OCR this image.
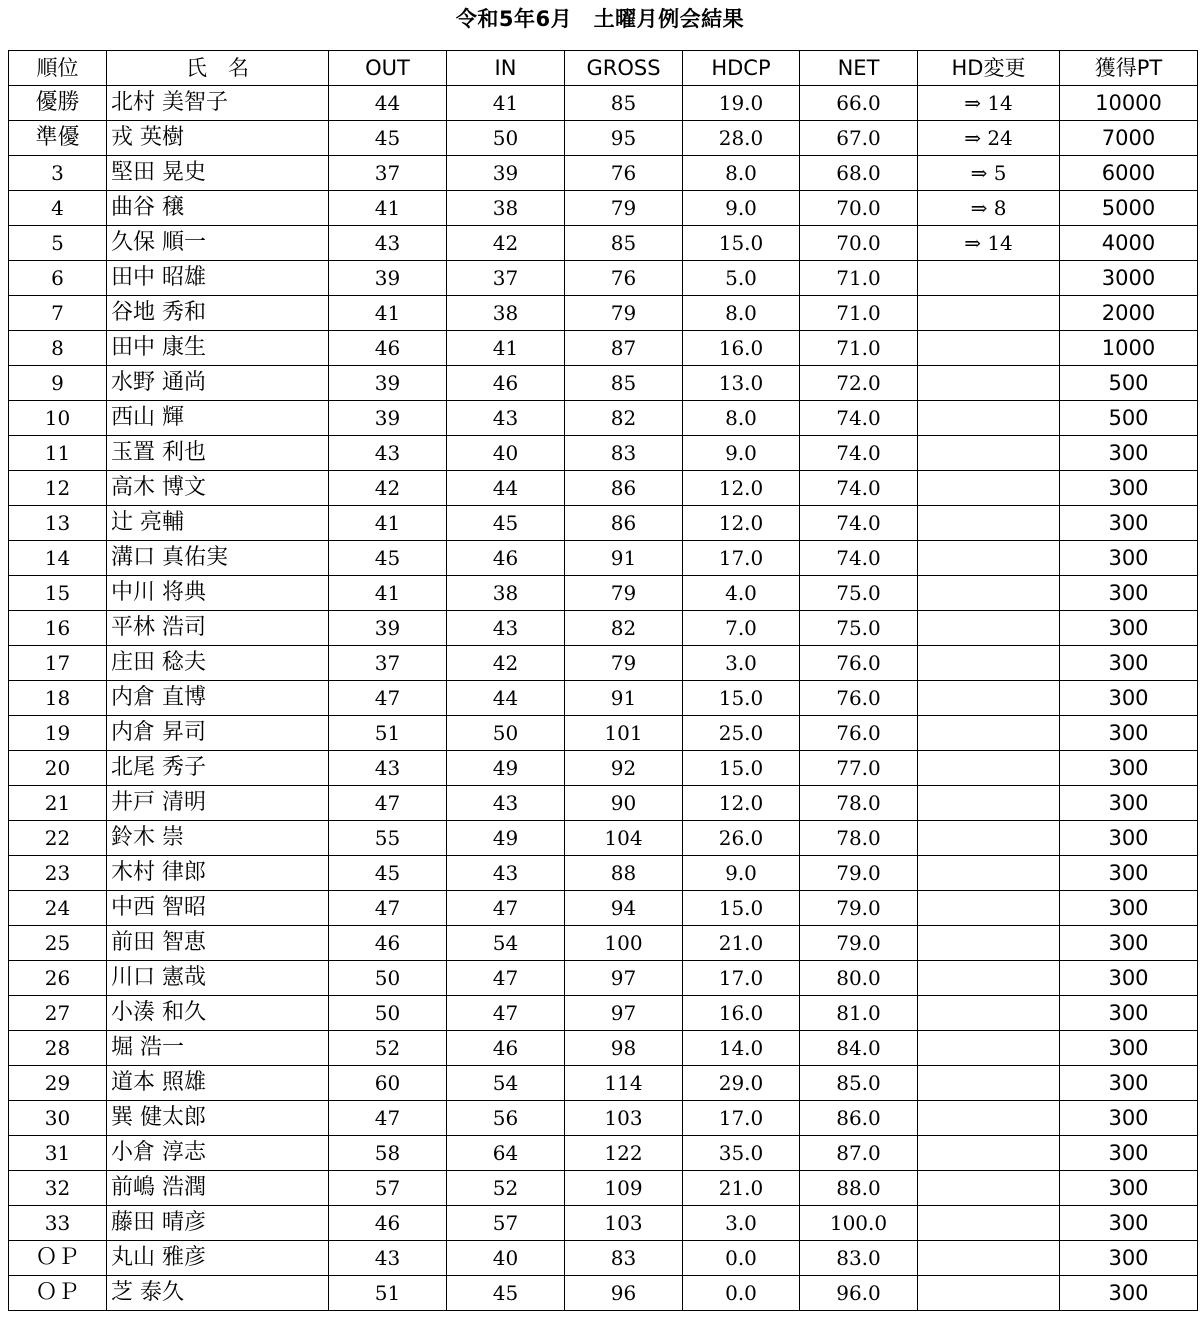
令和5年6月　土曜月例会結果
順位	氏　名	OUT	IN	GROSS	HDCP	NET	HD変更	獲得PT
優勝	北村 美智子	44	41	85	19.0	66.0	⇒ 14	10000
準優	戎 英樹	45	50	95	28.0	67.0	⇒ 24	7000
3	堅田 晃史	37	39	76	8.0	68.0	⇒ 5	6000
4	曲谷 穣	41	38	79	9.0	70.0	⇒ 8	5000
5	久保 順一	43	42	85	15.0	70.0	⇒ 14	4000
6	田中 昭雄	39	37	76	5.0	71.0		3000
7	谷地 秀和	41	38	79	8.0	71.0		2000
8	田中 康生	46	41	87	16.0	71.0		1000
9	水野 通尚	39	46	85	13.0	72.0		500
10	西山 輝	39	43	82	8.0	74.0		500
11	玉置 利也	43	40	83	9.0	74.0		300
12	高木 博文	42	44	86	12.0	74.0		300
13	辻 亮輔	41	45	86	12.0	74.0		300
14	溝口 真佑実	45	46	91	17.0	74.0		300
15	中川 将典	41	38	79	4.0	75.0		300
16	平林 浩司	39	43	82	7.0	75.0		300
17	庄田 稔夫	37	42	79	3.0	76.0		300
18	内倉 直博	47	44	91	15.0	76.0		300
19	内倉 昇司	51	50	101	25.0	76.0		300
20	北尾 秀子	43	49	92	15.0	77.0		300
21	井戸 清明	47	43	90	12.0	78.0		300
22	鈴木 崇	55	49	104	26.0	78.0		300
23	木村 律郎	45	43	88	9.0	79.0		300
24	中西 智昭	47	47	94	15.0	79.0		300
25	前田 智恵	46	54	100	21.0	79.0		300
26	川口 憲哉	50	47	97	17.0	80.0		300
27	小湊 和久	50	47	97	16.0	81.0		300
28	堀 浩一	52	46	98	14.0	84.0		300
29	道本 照雄	60	54	114	29.0	85.0		300
30	巽 健太郎	47	56	103	17.0	86.0		300
31	小倉 淳志	58	64	122	35.0	87.0		300
32	前嶋 浩潤	57	52	109	21.0	88.0		300
33	藤田 晴彦	46	57	103	3.0	100.0		300
ＯＰ	丸山 雅彦	43	40	83	0.0	83.0		300
ＯＰ	芝 泰久	51	45	96	0.0	96.0		300
